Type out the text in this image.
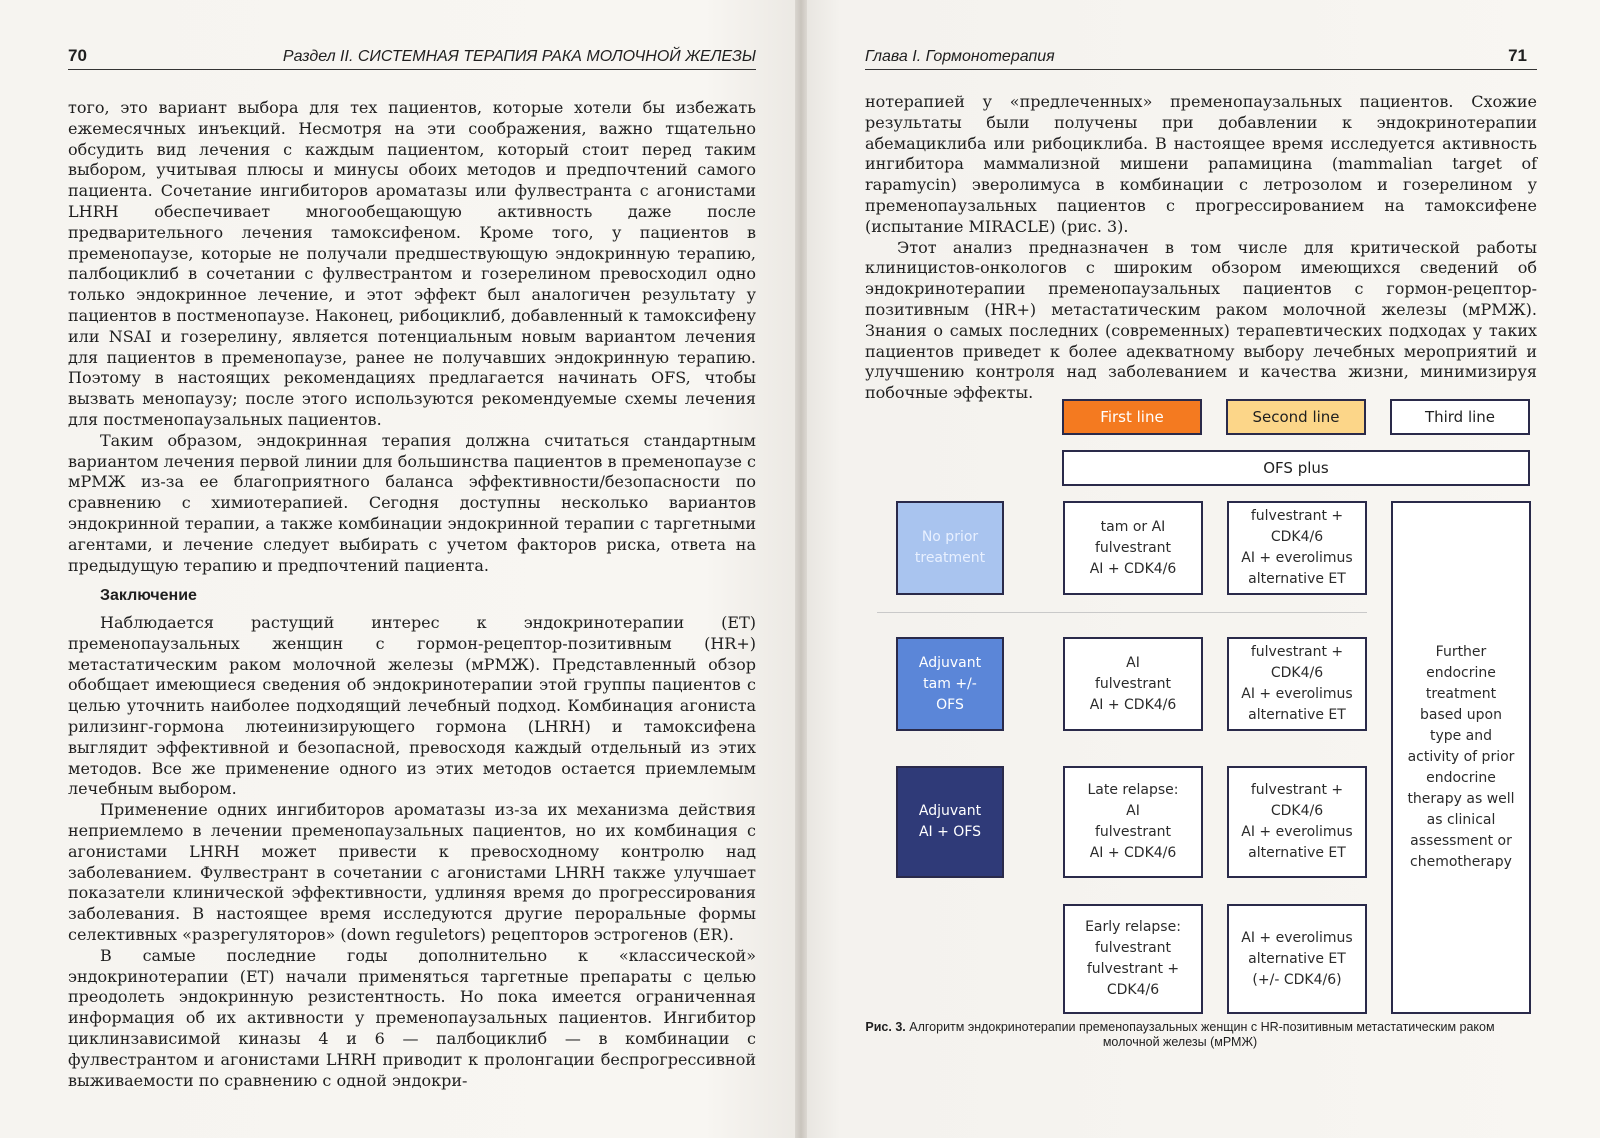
70	Раздел II. СИСТЕМНАЯ ТЕРАПИЯ РАКА МОЛОЧНОЙ ЖЕЛЕЗЫ

того, это вариант выбора для тех пациентов, которые хотели бы избежать ежемесячных инъекций. Несмотря на эти соображения, важно тщательно обсудить вид лечения с каждым пациентом, который стоит перед таким выбором, учитывая плюсы и минусы обоих методов и предпочтений самого пациента. Сочетание ингибиторов ароматазы или фулвестранта с агонистами LHRH обеспечивает многообещающую активность даже после предварительного лечения тамоксифеном. Кроме того, у пациентов в пременопаузе, которые не получали предшествующую эндокринную терапию, палбоциклиб в сочетании с фулвестрантом и гозерелином превосходил одно только эндокринное лечение, и этот эффект был аналогичен результату у пациентов в постменопаузе. Наконец, рибоциклиб, добавленный к тамоксифену или NSAI и гозерелину, является потенциальным новым вариантом лечения для пациентов в пременопаузе, ранее не получавших эндокринную терапию. Поэтому в настоящих рекомендациях предлагается начинать OFS, чтобы вызвать менопаузу; после этого используются рекомендуемые схемы лечения для постменопаузальных пациентов.

Таким образом, эндокринная терапия должна считаться стандартным вариантом лечения первой линии для большинства пациентов в пременопаузе с мРМЖ из-за ее благоприятного баланса эффективности/безопасности по сравнению с химиотерапией. Сегодня доступны несколько вариантов эндокринной терапии, а также комбинации эндокринной терапии с таргетными агентами, и лечение следует выбирать с учетом факторов риска, ответа на предыдущую терапию и предпочтений пациента.

Заключение

Наблюдается растущий интерес к эндокринотерапии (ET) пременопаузальных женщин с гормон-рецептор-позитивным (HR+) метастатическим раком молочной железы (мРМЖ). Представленный обзор обобщает имеющиеся сведения об эндокринотерапии этой группы пациентов с целью уточнить наиболее подходящий лечебный подход. Комбинация агониста рилизинг-гормона лютеинизирующего гормона (LHRH) и тамоксифена выглядит эффективной и безопасной, превосходя каждый отдельный из этих методов. Все же применение одного из этих методов остается приемлемым лечебным выбором.

Применение одних ингибиторов ароматазы из-за их механизма действия неприемлемо в лечении пременопаузальных пациентов, но их комбинация с агонистами LHRH может привести к превосходному контролю над заболеванием. Фулвестрант в сочетании с агонистами LHRH также улучшает показатели клинической эффективности, удлиняя время до прогрессирования заболевания. В настоящее время исследуются другие пероральные формы селективных «разрегуляторов» (down reguletors) рецепторов эстрогенов (ER).

В самые последние годы дополнительно к «классической» эндокринотерапии (ET) начали применяться таргетные препараты с целью преодолеть эндокринную резистентность. Но пока имеется ограниченная информация об их активности у пременопаузальных пациентов. Ингибитор циклинзависимой киназы 4 и 6 — палбоциклиб — в комбинации с фулвестрантом и агонистами LHRH приводит к пролонгации беспрогрессивной выживаемости по сравнению с одной эндокри-

Глава I. Гормонотерапия	71

нотерапией у «предлеченных» пременопаузальных пациентов. Схожие результаты были получены при добавлении к эндокринотерапии абемациклиба или рибоциклиба. В настоящее время исследуется активность ингибитора маммализной мишени рапамицина (mammalian target of rapamycin) эверолимуса в комбинации с летрозолом и гозерелином у пременопаузальных пациентов с прогрессированием на тамоксифене (испытание MIRACLE) (рис. 3).

Этот анализ предназначен в том числе для критической работы клиницистов-онкологов с широким обзором имеющихся сведений об эндокринотерапии пременопаузальных пациентов с гормон-рецептор-позитивным (HR+) метастатическим раком молочной железы (мРМЖ). Знания о самых последних (современных) терапевтических подходах у таких пациентов приведет к более адекватному выбору лечебных мероприятий и улучшению контроля над заболеванием и качества жизни, минимизируя побочные эффекты.

First line	Second line	Third line
OFS plus
No prior
treatment
Adjuvant
tam +/-
OFS
Adjuvant
AI + OFS
tam or AI
fulvestrant
AI + CDK4/6
fulvestrant +
CDK4/6
AI + everolimus
alternative ET
AI
fulvestrant
AI + CDK4/6
fulvestrant +
CDK4/6
AI + everolimus
alternative ET
Late relapse:
AI
fulvestrant
AI + CDK4/6
fulvestrant +
CDK4/6
AI + everolimus
alternative ET
Early relapse:
fulvestrant
fulvestrant +
CDK4/6
AI + everolimus
alternative ET
(+/- CDK4/6)
Further
endocrine
treatment
based upon
type and
activity of prior
endocrine
therapy as well
as clinical
assessment or
chemotherapy
Рис. 3. Алгоритм эндокринотерапии пременопаузальных женщин с HR-позитивным метастатическим раком молочной железы (мРМЖ)
